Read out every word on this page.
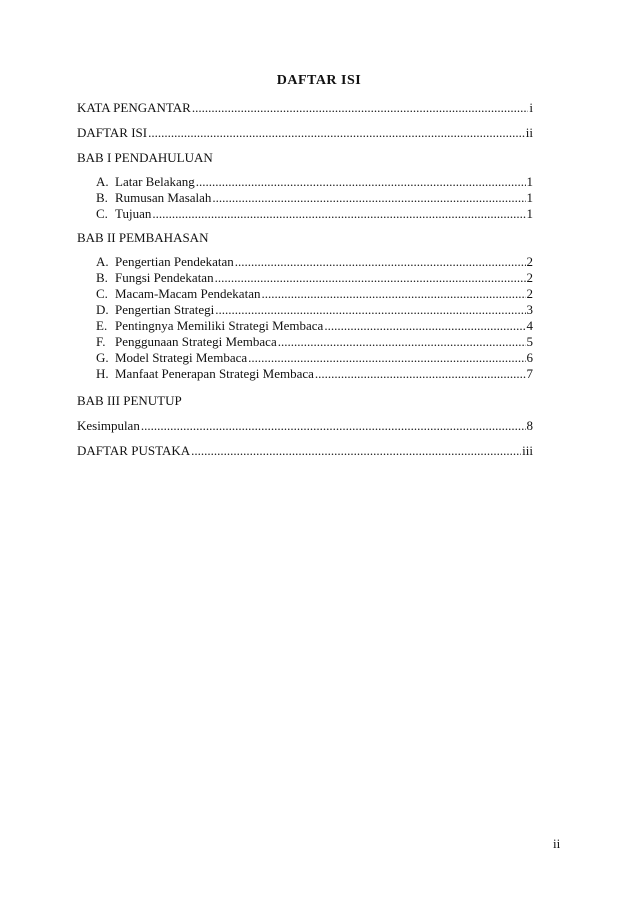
DAFTAR ISI
KATA PENGANTAR .....	i
DAFTAR ISI .....	ii
BAB I PENDAHULUAN
A. Latar Belakang .....	1
B. Rumusan Masalah .....	1
C. Tujuan .....	1
BAB II PEMBAHASAN
A. Pengertian Pendekatan .....	2
B. Fungsi Pendekatan .....	2
C. Macam-Macam Pendekatan .....	2
D. Pengertian Strategi .....	3
E. Pentingnya Memiliki Strategi Membaca .....	4
F. Penggunaan Strategi Membaca .....	5
G. Model Strategi Membaca .....	6
H. Manfaat Penerapan Strategi Membaca .....	7
BAB III PENUTUP
Kesimpulan .....	8
DAFTAR PUSTAKA .....	iii
ii
